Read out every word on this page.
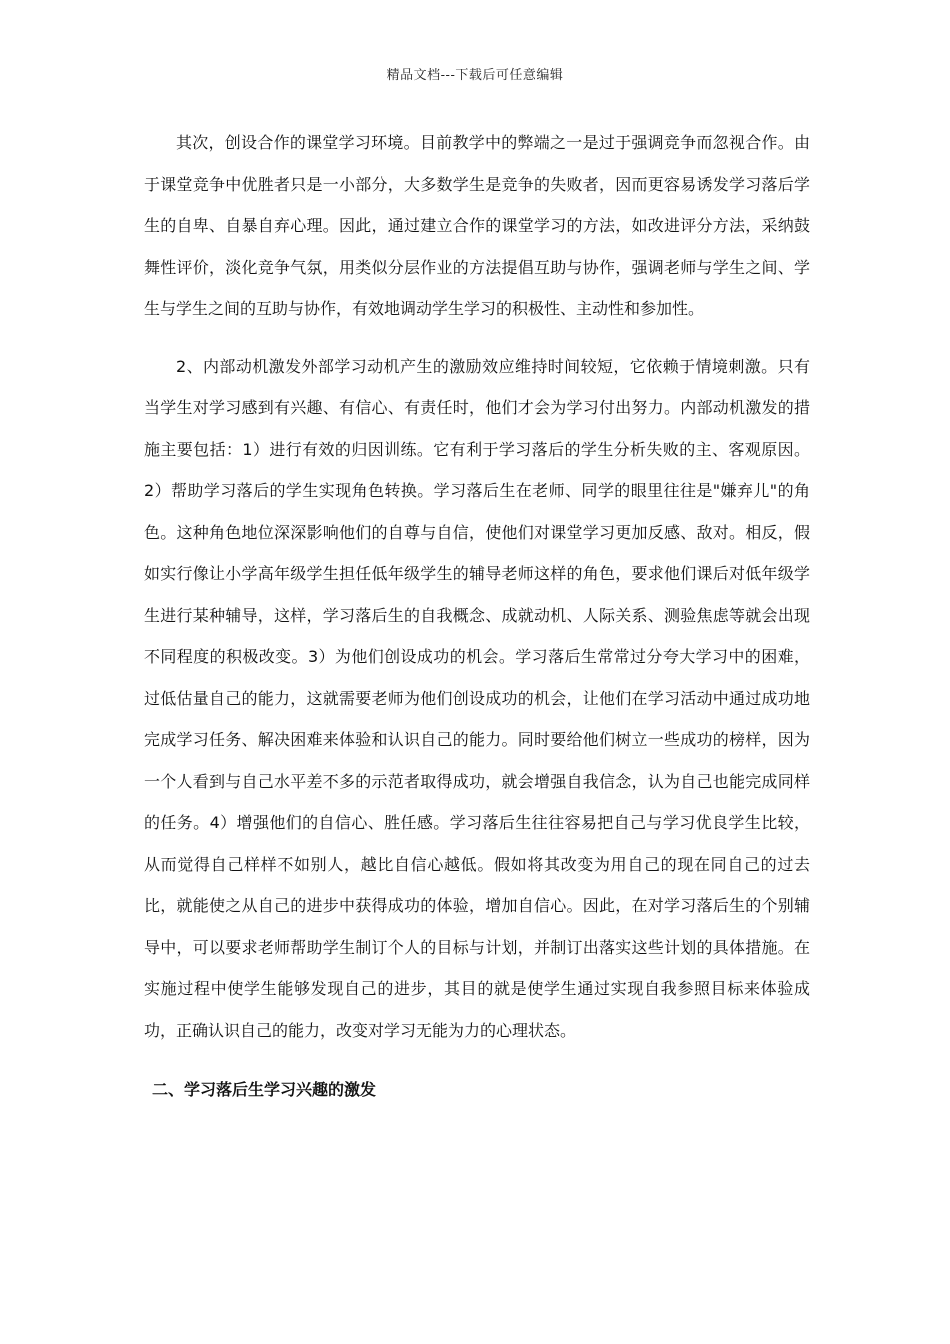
精品文档---下载后可任意编辑

其次，创设合作的课堂学习环境。目前教学中的弊端之一是过于强调竞争而忽视合作。由于课堂竞争中优胜者只是一小部分，大多数学生是竞争的失败者，因而更容易诱发学习落后学生的自卑、自暴自弃心理。因此，通过建立合作的课堂学习的方法，如改进评分方法，采纳鼓舞性评价，淡化竞争气氛，用类似分层作业的方法提倡互助与协作，强调老师与学生之间、学生与学生之间的互助与协作，有效地调动学生学习的积极性、主动性和参加性。

2、内部动机激发外部学习动机产生的激励效应维持时间较短，它依赖于情境刺激。只有当学生对学习感到有兴趣、有信心、有责任时，他们才会为学习付出努力。内部动机激发的措施主要包括：1）进行有效的归因训练。它有利于学习落后的学生分析失败的主、客观原因。2）帮助学习落后的学生实现角色转换。学习落后生在老师、同学的眼里往往是"嫌弃儿"的角色。这种角色地位深深影响他们的自尊与自信，使他们对课堂学习更加反感、敌对。相反，假如实行像让小学高年级学生担任低年级学生的辅导老师这样的角色，要求他们课后对低年级学生进行某种辅导，这样，学习落后生的自我概念、成就动机、人际关系、测验焦虑等就会出现不同程度的积极改变。3）为他们创设成功的机会。学习落后生常常过分夸大学习中的困难，过低估量自己的能力，这就需要老师为他们创设成功的机会，让他们在学习活动中通过成功地完成学习任务、解决困难来体验和认识自己的能力。同时要给他们树立一些成功的榜样，因为一个人看到与自己水平差不多的示范者取得成功，就会增强自我信念，认为自己也能完成同样的任务。4）增强他们的自信心、胜任感。学习落后生往往容易把自己与学习优良学生比较，从而觉得自己样样不如别人，越比自信心越低。假如将其改变为用自己的现在同自己的过去比，就能使之从自己的进步中获得成功的体验，增加自信心。因此，在对学习落后生的个别辅导中，可以要求老师帮助学生制订个人的目标与计划，并制订出落实这些计划的具体措施。在实施过程中使学生能够发现自己的进步，其目的就是使学生通过实现自我参照目标来体验成功，正确认识自己的能力，改变对学习无能为力的心理状态。

二、学习落后生学习兴趣的激发
